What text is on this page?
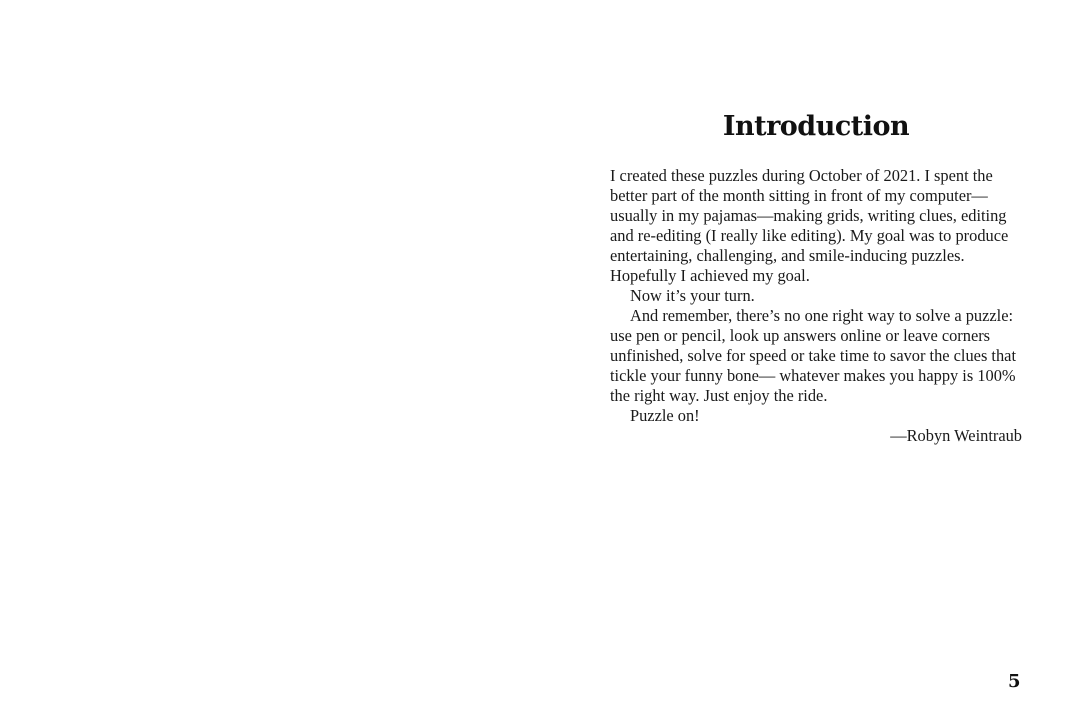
Introduction

I created these puzzles during October of 2021. I spent the better part of the month sitting in front of my computer—usually in my pajamas—making grids, writing clues, editing and re-editing (I really like editing). My goal was to produce entertaining, challenging, and smile-inducing puzzles. Hopefully I achieved my goal.

Now it’s your turn.

And remember, there’s no one right way to solve a puzzle: use pen or pencil, look up answers online or leave corners unfinished, solve for speed or take time to savor the clues that tickle your funny bone— whatever makes you happy is 100% the right way. Just enjoy the ride.

Puzzle on!

—Robyn Weintraub

5
